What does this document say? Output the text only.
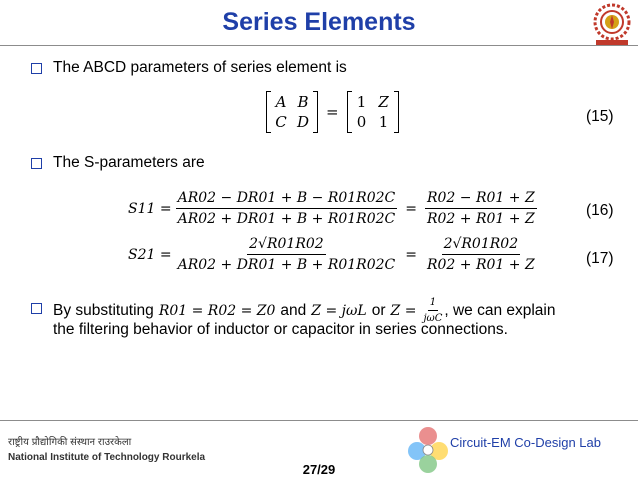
Series Elements
The ABCD parameters of series element is
A B
C D
=
1 Z
0 1	(15)
The S-parameters are
$S11 = \frac{AR02 - DR01 + B - R01R02C}{AR02 + DR01 + B + R01R02C} = \frac{R02 - R01 + Z}{R02 + R01 + Z}$	(16)
$S21 = \frac{2√R01R02}{AR02 + DR01 + B + R01R02C} = \frac{2√R01R02}{R02 + R01 + Z}$	(17)
By substituting R01 = R02 = Z0 and Z = jωL or $Z = \frac{1}{\text{jωC}}$ , we can explain
the filtering behavior of inductor or capacitor in series connections.
राष्ट्रीय प्रौद्योगिकी संस्थान राउरकेला
National Institute of Technology Rourkela
Circuit-EM Co-Design Lab
27/29
